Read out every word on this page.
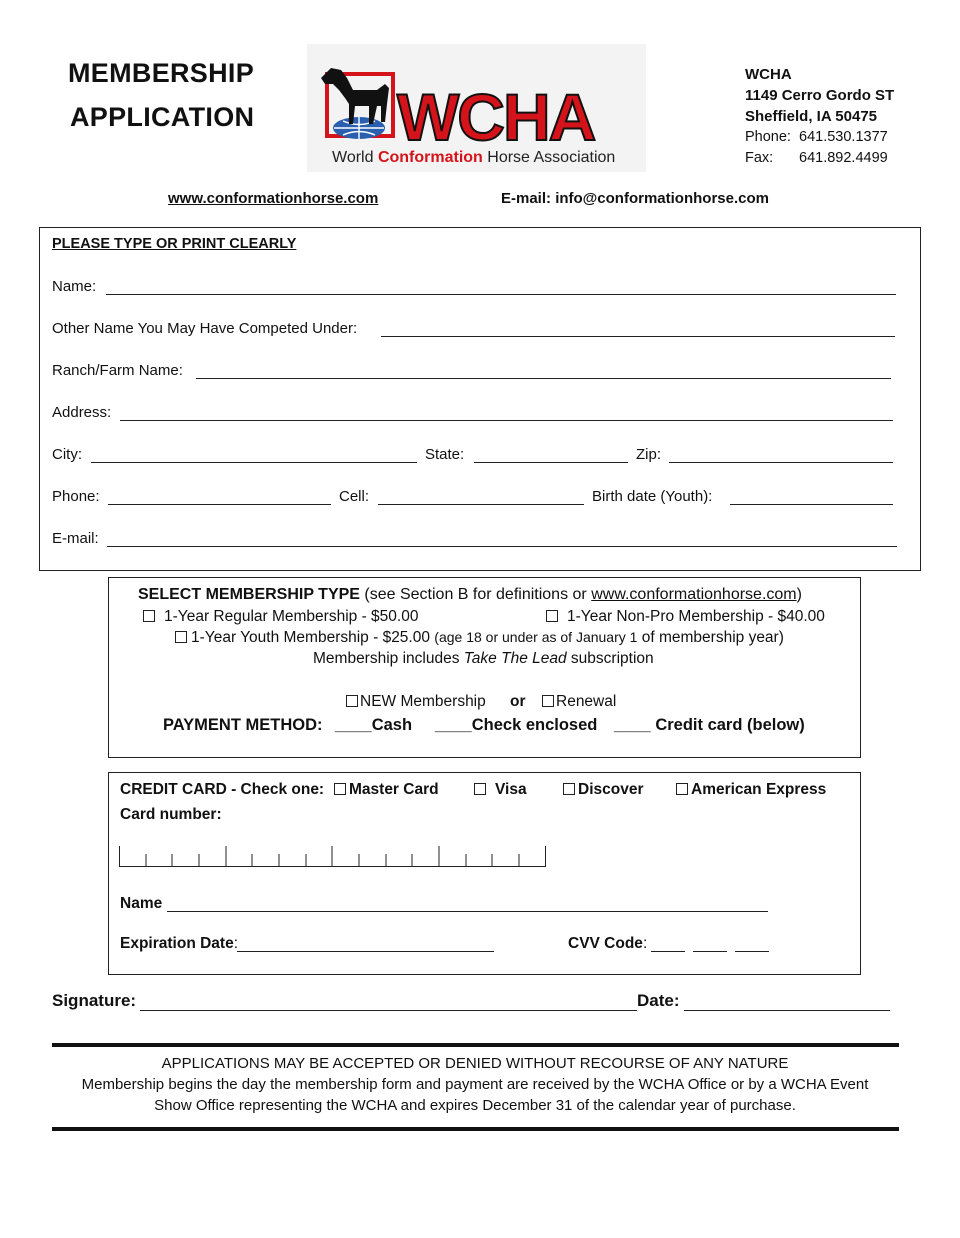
MEMBERSHIP
APPLICATION WCHA
World Conformation Horse Association
WCHA
1149 Cerro Gordo ST
Sheffield, IA 50475
Phone: 641.530.1377
Fax:	641.892.4499
www.conformationhorse.com	E-mail: info@conformationhorse.com
PLEASE TYPE OR PRINT CLEARLY
Name:
Other Name You May Have Competed Under:
Ranch/Farm Name:
Address:
City:	State:	Zip:
Phone:	Cell:	Birth date (Youth):
E-mail:
SELECT MEMBERSHIP TYPE (see Section B for definitions or www.conformationhorse.com)
1-Year Regular Membership - $50.00	1-Year Non-Pro Membership - $40.00
1-Year Youth Membership - $25.00 (age 18 or under as of January 1 of membership year)
Membership includes Take The Lead subscription
NEW Membership or	Renewal
PAYMENT METHOD: ____Cash ____Check enclosed ____ Credit card (below)
CREDIT CARD - Check one:	Master Card	Visa	Discover	American Express
Card number:
Name
Expiration Date:	CVV Code:
Signature:	Date:
APPLICATIONS MAY BE ACCEPTED OR DENIED WITHOUT RECOURSE OF ANY NATURE
Membership begins the day the membership form and payment are received by the WCHA Office or by a WCHA Event
Show Office representing the WCHA and expires December 31 of the calendar year of purchase.
